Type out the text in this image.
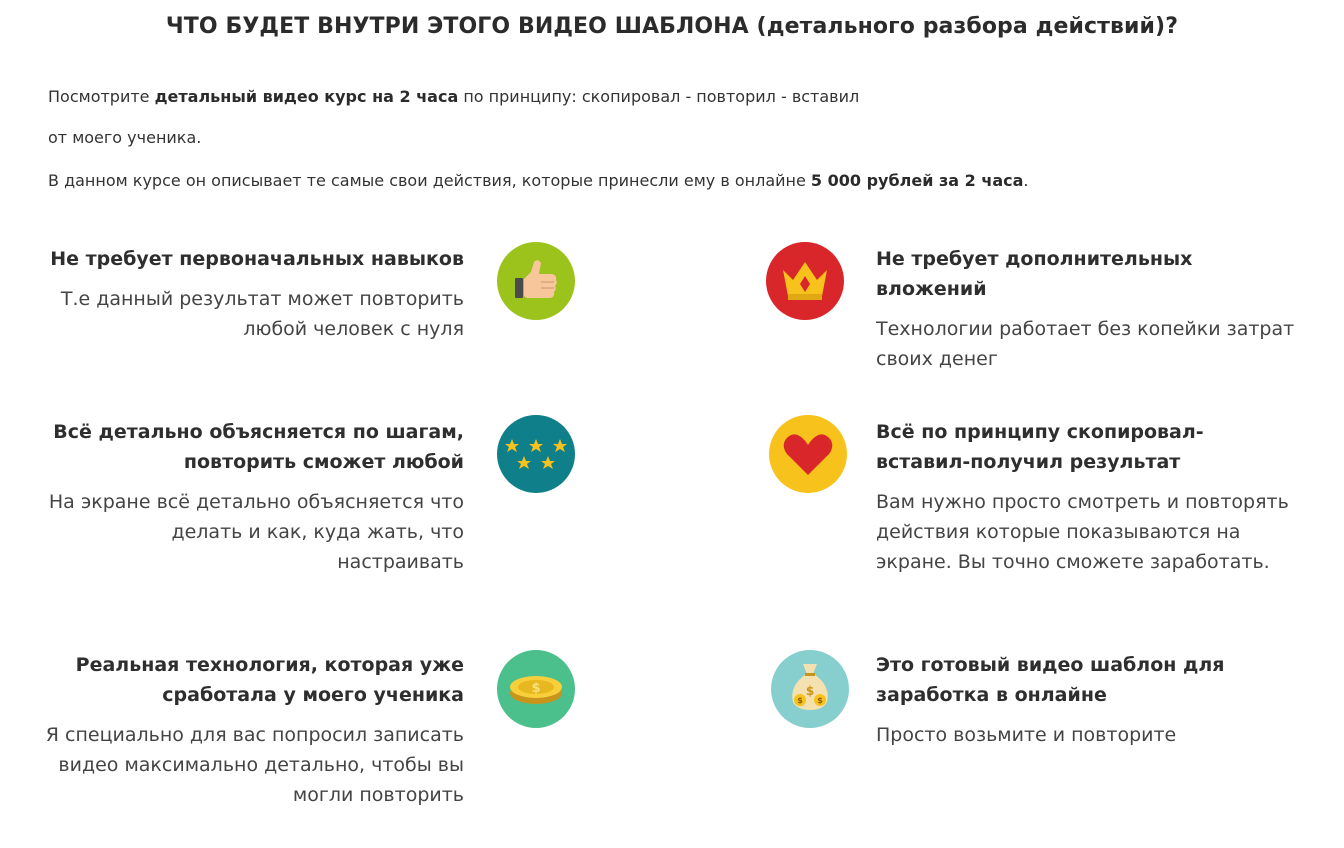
ЧТО БУДЕТ ВНУТРИ ЭТОГО ВИДЕО ШАБЛОНА (детального разбора действий)?

Посмотрите детальный видео курс на 2 часа по принципу: скопировал - повторил - вставил

от моего ученика.

В данном курсе он описывает те самые свои действия, которые принесли ему в онлайне 5 000 рублей за 2 часа.

Не требует первоначальных навыков
Т.е данный результат может повторить любой человек с нуля
Не требует дополнительных вложений
Технологии работает без копейки затрат своих денег
Всё детально объясняется по шагам, повторить сможет любой
На экране всё детально объясняется что делать и как, куда жать, что настраивать
Всё по принципу скопировал-вставил-получил результат
Вам нужно просто смотреть и повторять действия которые показываются на экране. Вы точно сможете заработать.
Реальная технология, которая уже сработала у моего ученика
Я специально для вас попросил записать видео максимально детально, чтобы вы могли повторить
$
Это готовый видео шаблон для заработка в онлайне
Просто возьмите и повторите
$ $
$
